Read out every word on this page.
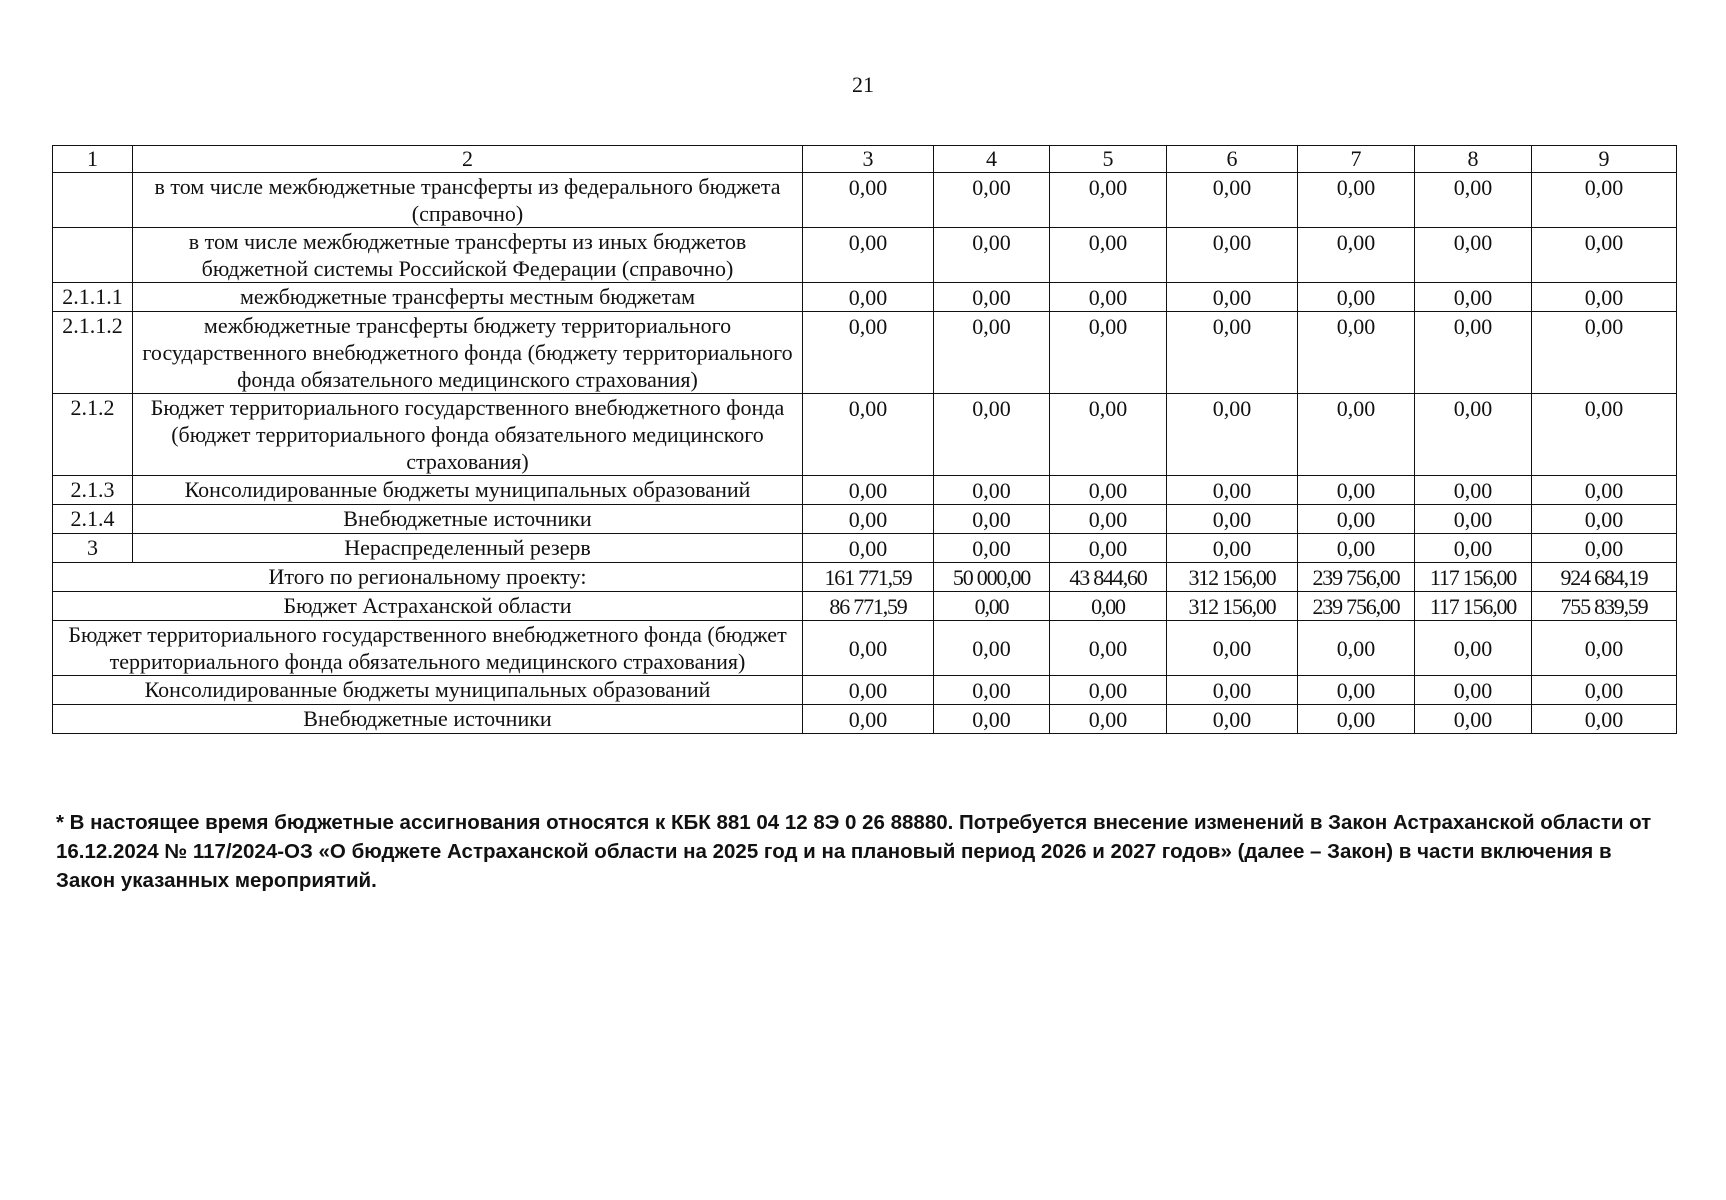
21
1	2	3	4	5	6	7	8	9
	в том числе межбюджетные трансферты из федерального бюджета (справочно)	0,00	0,00	0,00	0,00	0,00	0,00	0,00
	в том числе межбюджетные трансферты из иных бюджетов бюджетной системы Российской Федерации (справочно)	0,00	0,00	0,00	0,00	0,00	0,00	0,00
2.1.1.1	межбюджетные трансферты местным бюджетам	0,00	0,00	0,00	0,00	0,00	0,00	0,00
2.1.1.2	межбюджетные трансферты бюджету территориального государственного внебюджетного фонда (бюджету территориального фонда обязательного медицинского страхования)	0,00	0,00	0,00	0,00	0,00	0,00	0,00
2.1.2	Бюджет территориального государственного внебюджетного фонда (бюджет территориального фонда обязательного медицинского страхования)	0,00	0,00	0,00	0,00	0,00	0,00	0,00
2.1.3	Консолидированные бюджеты муниципальных образований	0,00	0,00	0,00	0,00	0,00	0,00	0,00
2.1.4	Внебюджетные источники	0,00	0,00	0,00	0,00	0,00	0,00	0,00
3	Нераспределенный резерв	0,00	0,00	0,00	0,00	0,00	0,00	0,00
Итого по региональному проекту:		161 771,59	50 000,00	43 844,60	312 156,00	239 756,00	117 156,00	924 684,19
Бюджет Астраханской области		86 771,59	0,00	0,00	312 156,00	239 756,00	117 156,00	755 839,59
Бюджет территориального государственного внебюджетного фонда (бюджет территориального фонда обязательного медицинского страхования)		0,00	0,00	0,00	0,00	0,00	0,00	0,00
Консолидированные бюджеты муниципальных образований		0,00	0,00	0,00	0,00	0,00	0,00	0,00
Внебюджетные источники		0,00	0,00	0,00	0,00	0,00	0,00	0,00
* В настоящее время бюджетные ассигнования относятся к КБК 881 04 12 8Э 0 26 88880. Потребуется внесение изменений в Закон Астраханской области от 16.12.2024 № 117/2024-ОЗ «О бюджете Астраханской области на 2025 год и на плановый период 2026 и 2027 годов» (далее – Закон) в части включения в Закон указанных мероприятий.
